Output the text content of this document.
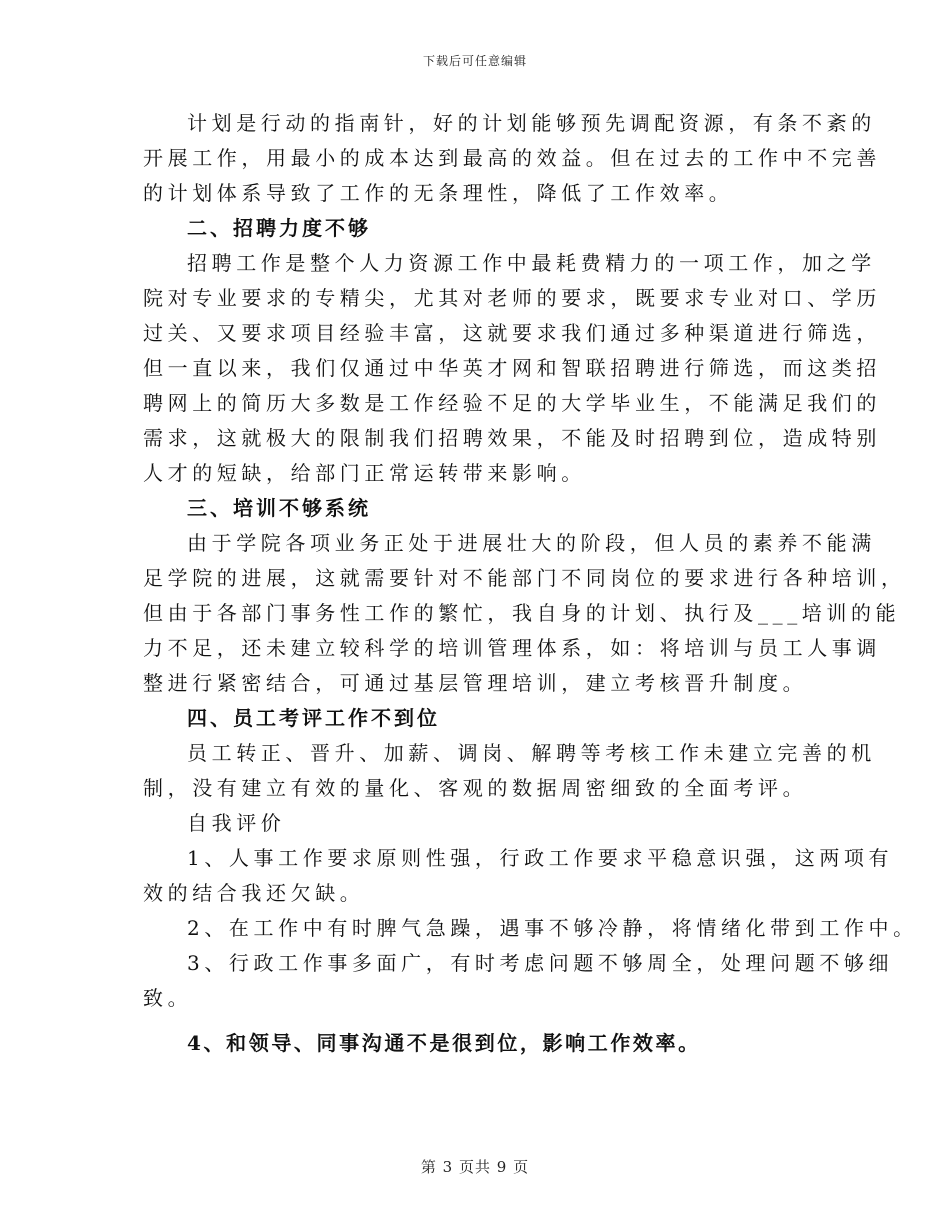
下载后可任意编辑
计划是行动的指南针，好的计划能够预先调配资源，有条不紊的
开展工作，用最小的成本达到最高的效益。但在过去的工作中不完善
的计划体系导致了工作的无条理性，降低了工作效率。
二、招聘力度不够
招聘工作是整个人力资源工作中最耗费精力的一项工作，加之学
院对专业要求的专精尖，尤其对老师的要求，既要求专业对口、学历
过关、又要求项目经验丰富，这就要求我们通过多种渠道进行筛选，
但一直以来，我们仅通过中华英才网和智联招聘进行筛选，而这类招
聘网上的简历大多数是工作经验不足的大学毕业生，不能满足我们的
需求，这就极大的限制我们招聘效果，不能及时招聘到位，造成特别
人才的短缺，给部门正常运转带来影响。
三、培训不够系统
由于学院各项业务正处于进展壮大的阶段，但人员的素养不能满
足学院的进展，这就需要针对不能部门不同岗位的要求进行各种培训，
但由于各部门事务性工作的繁忙，我自身的计划、执行及___培训的能
力不足，还未建立较科学的培训管理体系，如：将培训与员工人事调
整进行紧密结合，可通过基层管理培训，建立考核晋升制度。
四、员工考评工作不到位
员工转正、晋升、加薪、调岗、解聘等考核工作未建立完善的机
制，没有建立有效的量化、客观的数据周密细致的全面考评。
自我评价
1、人事工作要求原则性强，行政工作要求平稳意识强，这两项有
效的结合我还欠缺。
2、在工作中有时脾气急躁，遇事不够冷静，将情绪化带到工作中。
3、行政工作事多面广，有时考虑问题不够周全，处理问题不够细
致。
4、和领导、同事沟通不是很到位，影响工作效率。
第 3 页共 9 页
